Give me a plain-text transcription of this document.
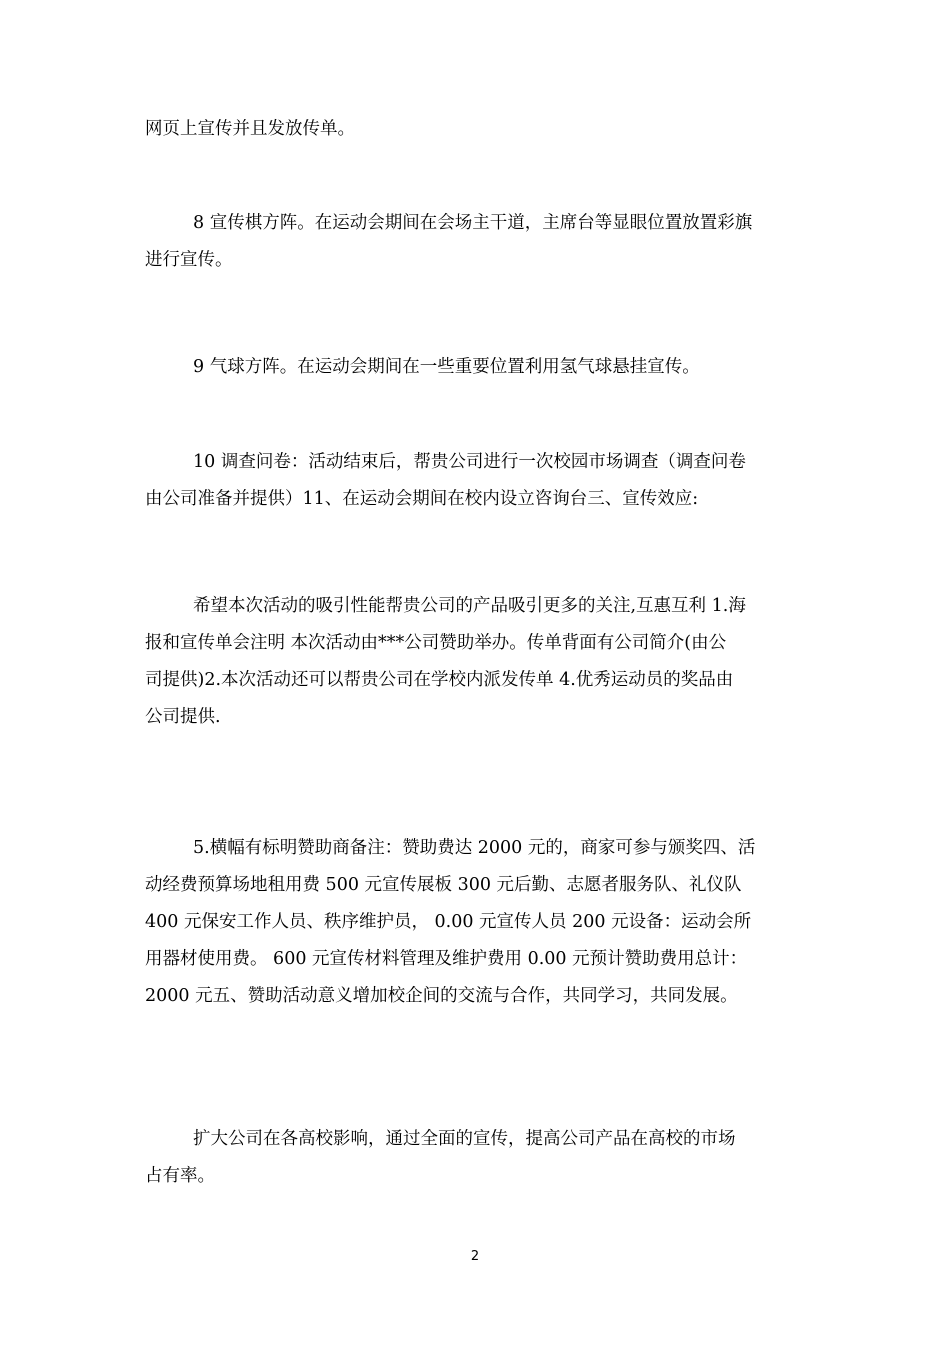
网页上宣传并且发放传单。

8 宣传棋方阵。在运动会期间在会场主干道，主席台等显眼位置放置彩旗
进行宣传。

9 气球方阵。在运动会期间在一些重要位置利用氢气球悬挂宣传。

10 调查问卷：活动结束后，帮贵公司进行一次校园市场调查（调查问卷
由公司准备并提供）11、在运动会期间在校内设立咨询台三、宣传效应:

希望本次活动的吸引性能帮贵公司的产品吸引更多的关注,互惠互利 1.海
报和宣传单会注明 本次活动由***公司赞助举办。传单背面有公司简介(由公
司提供)2.本次活动还可以帮贵公司在学校内派发传单 4.优秀运动员的奖品由
公司提供.

5.横幅有标明赞助商备注：赞助费达 2000 元的，商家可参与颁奖四、活
动经费预算场地租用费 500 元宣传展板 300 元后勤、志愿者服务队、礼仪队
400 元保安工作人员、秩序维护员， 0.00 元宣传人员 200 元设备：运动会所
用器材使用费。 600 元宣传材料管理及维护费用 0.00 元预计赞助费用总计：
2000 元五、赞助活动意义增加校企间的交流与合作，共同学习，共同发展。

扩大公司在各高校影响，通过全面的宣传，提高公司产品在高校的市场
占有率。

2
